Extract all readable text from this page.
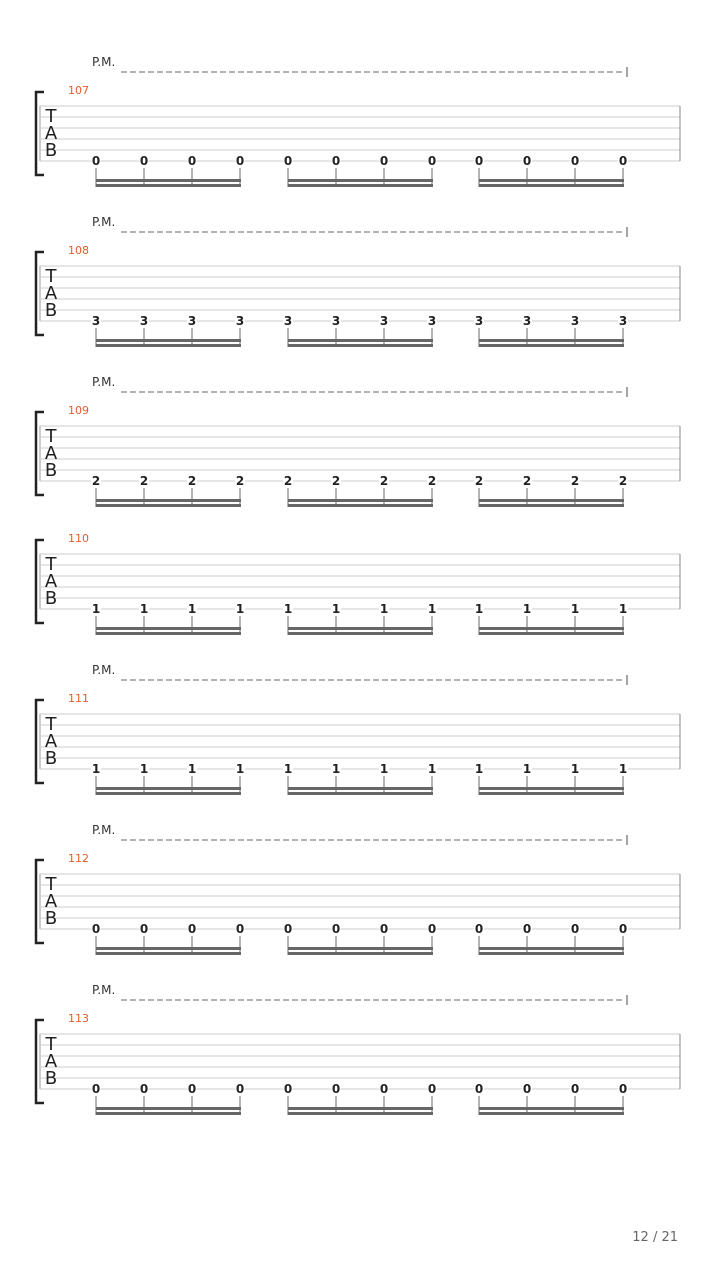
P.M.
107
T
A
B	0	0	0	0	0	0	0	0	0	0	0	0
P.M.
108
T
A
B	3	3	3	3	3	3	3	3	3	3	3	3
P.M.
109
T
A
B	2	2	2	2	2	2	2	2	2	2	2	2
110
T
A
B	1	1	1	1	1	1	1	1	1	1	1	1
P.M.
111
T
A
B	1	1	1	1	1	1	1	1	1	1	1	1
P.M.
112
T
A
B	0	0	0	0	0	0	0	0	0	0	0	0
P.M.
113
T
A
B	0	0	0	0	0	0	0	0	0	0	0	0
12 / 21
